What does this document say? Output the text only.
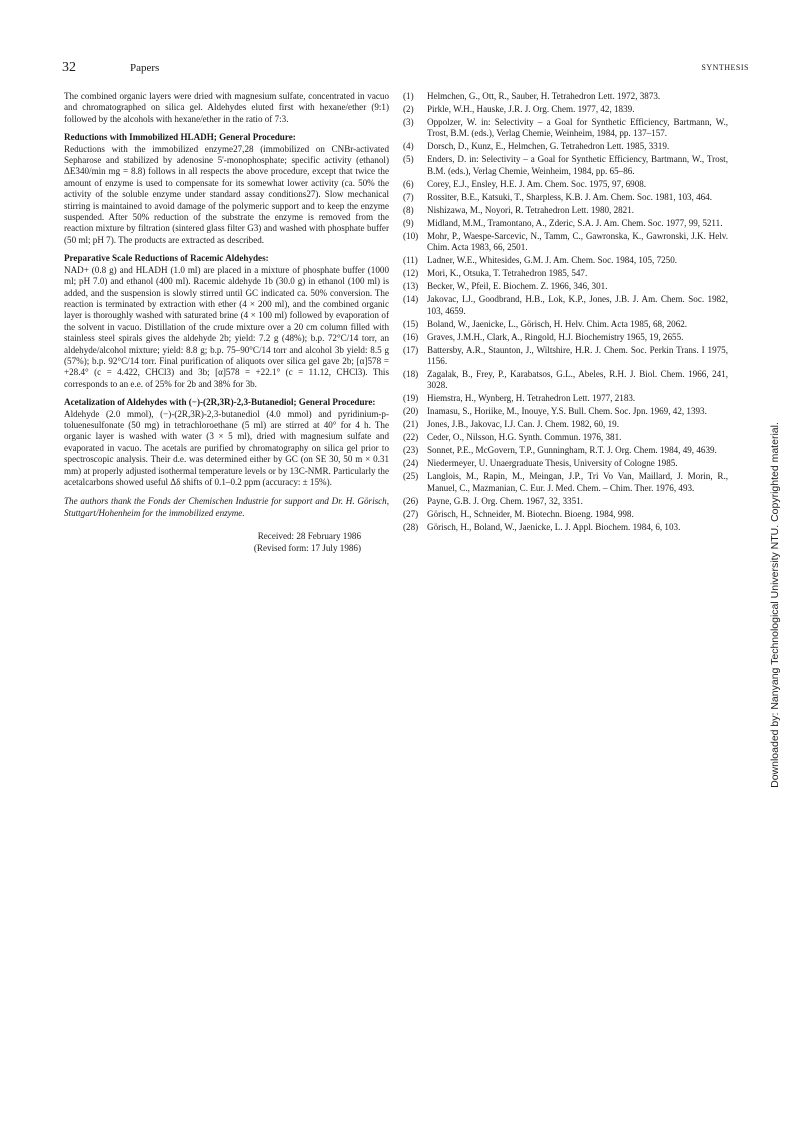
32	Papers	SYNTHESIS

The combined organic layers were dried with magnesium sulfate, concentrated in vacuo and chromatographed on silica gel. Aldehydes eluted first with hexane/ether (9:1) followed by the alcohols with hexane/ether in the ratio of 7:3.

Reductions with Immobilized HLADH; General Procedure:

Reductions with the immobilized enzyme27,28 (immobilized on CNBr-activated Sepharose and stabilized by adenosine 5'-monophosphate; specific activity (ethanol) ΔE340/min mg = 8.8) follows in all respects the above procedure, except that twice the amount of enzyme is used to compensate for its somewhat lower activity (ca. 50% the activity of the soluble enzyme under standard assay conditions27). Slow mechanical stirring is maintained to avoid damage of the polymeric support and to keep the enzyme suspended. After 50% reduction of the substrate the enzyme is removed from the reaction mixture by filtration (sintered glass filter G3) and washed with phosphate buffer (50 ml; pH 7). The products are extracted as described.

Preparative Scale Reductions of Racemic Aldehydes:

NAD+ (0.8 g) and HLADH (1.0 ml) are placed in a mixture of phosphate buffer (1000 ml; pH 7.0) and ethanol (400 ml). Racemic aldehyde 1b (30.0 g) in ethanol (100 ml) is added, and the suspension is slowly stirred until GC indicated ca. 50% conversion. The reaction is terminated by extraction with ether (4 × 200 ml), and the combined organic layer is thoroughly washed with saturated brine (4 × 100 ml) followed by evaporation of the solvent in vacuo. Distillation of the crude mixture over a 20 cm column filled with stainless steel spirals gives the aldehyde 2b; yield: 7.2 g (48%); b.p. 72°C/14 torr, an aldehyde/alcohol mixture; yield: 8.8 g; b.p. 75–90°C/14 torr and alcohol 3b yield: 8.5 g (57%); b.p. 92°C/14 torr. Final purification of aliquots over silica gel gave 2b; [α]578 = +28.4° (c = 4.422, CHCl3) and 3b; [α]578 = +22.1° (c = 11.12, CHCl3). This corresponds to an e.e. of 25% for 2b and 38% for 3b.

Acetalization of Aldehydes with (−)-(2R,3R)-2,3-Butanediol; General Procedure:

Aldehyde (2.0 mmol), (−)-(2R,3R)-2,3-butanediol (4.0 mmol) and pyridinium-p-toluenesulfonate (50 mg) in tetrachloroethane (5 ml) are stirred at 40° for 4 h. The organic layer is washed with water (3 × 5 ml), dried with magnesium sulfate and evaporated in vacuo. The acetals are purified by chromatography on silica gel prior to spectroscopic analysis. Their d.e. was determined either by GC (on SE 30, 50 m × 0.31 mm) at properly adjusted isothermal temperature levels or by 13C-NMR. Particularly the acetalcarbons showed useful Δδ shifts of 0.1–0.2 ppm (accuracy: ± 15%).

The authors thank the Fonds der Chemischen Industrie for support and Dr. H. Görisch, Stuttgart/Hohenheim for the immobilized enzyme.

Received: 28 February 1986
(Revised form: 17 July 1986)
(1)	Helmchen, G., Ott, R., Sauber, H. Tetrahedron Lett. 1972, 3873.
(2)	Pirkle, W.H., Hauske, J.R. J. Org. Chem. 1977, 42, 1839.
(3)	Oppolzer, W. in: Selectivity – a Goal for Synthetic Efficiency, Bartmann, W., Trost, B.M. (eds.), Verlag Chemie, Weinheim, 1984, pp. 137–157.
(4)	Dorsch, D., Kunz, E., Helmchen, G. Tetrahedron Lett. 1985, 3319.
(5)	Enders, D. in: Selectivity – a Goal for Synthetic Efficiency, Bartmann, W., Trost, B.M. (eds.), Verlag Chemie, Weinheim, 1984, pp. 65–86.
(6)	Corey, E.J., Ensley, H.E. J. Am. Chem. Soc. 1975, 97, 6908.
(7)	Rossiter, B.E., Katsuki, T., Sharpless, K.B. J. Am. Chem. Soc. 1981, 103, 464.
(8)	Nishizawa, M., Noyori, R. Tetrahedron Lett. 1980, 2821.
(9)	Midland, M.M., Tramontano, A., Zderic, S.A. J. Am. Chem. Soc. 1977, 99, 5211.
(10) Mohr, P., Waespe-Sarcevic, N., Tamm, C., Gawronska, K., Gawronski, J.K. Helv. Chim. Acta 1983, 66, 2501.
(11)	Ladner, W.E., Whitesides, G.M. J. Am. Chem. Soc. 1984, 105, 7250.
(12) Mori, K., Otsuka, T. Tetrahedron 1985, 547.
(13) Becker, W., Pfeil, E. Biochem. Z. 1966, 346, 301.
(14) Jakovac, I.J., Goodbrand, H.B., Lok, K.P., Jones, J.B. J. Am. Chem. Soc. 1982, 103, 4659.
(15) Boland, W., Jaenicke, L., Görisch, H. Helv. Chim. Acta 1985, 68, 2062.
(16) Graves, J.M.H., Clark, A., Ringold, H.J. Biochemistry 1965, 19, 2655.
(17) Battersby, A.R., Staunton, J., Wiltshire, H.R. J. Chem. Soc. Perkin Trans. I 1975, 1156.
(18) Zagalak, B., Frey, P., Karabatsos, G.L., Abeles, R.H. J. Biol. Chem. 1966, 241, 3028.
(19) Hiemstra, H., Wynberg, H. Tetrahedron Lett. 1977, 2183.
(20) Inamasu, S., Horiike, M., Inouye, Y.S. Bull. Chem. Soc. Jpn. 1969, 42, 1393.
(21) Jones, J.B., Jakovac, I.J. Can. J. Chem. 1982, 60, 19.
(22) Ceder, O., Nilsson, H.G. Synth. Commun. 1976, 381.
(23) Sonnet, P.E., McGovern, T.P., Gunningham, R.T. J. Org. Chem. 1984, 49, 4639.
(24) Niedermeyer, U. Unaergraduate Thesis, University of Cologne 1985.
(25) Langlois, M., Rapin, M., Meingan, J.P., Tri Vo Van, Maillard, J. Morin, R., Manuel, C., Mazmanian, C. Eur. J. Med. Chem. – Chim. Ther. 1976, 493.
(26) Payne, G.B. J. Org. Chem. 1967, 32, 3351.
(27) Görisch, H., Schneider, M. Biotechn. Bioeng. 1984, 998.
(28) Görisch, H., Boland, W., Jaenicke, L. J. Appl. Biochem. 1984, 6, 103.	Downloaded by: Nanyang Technological University NTU. Copyrighted material.
